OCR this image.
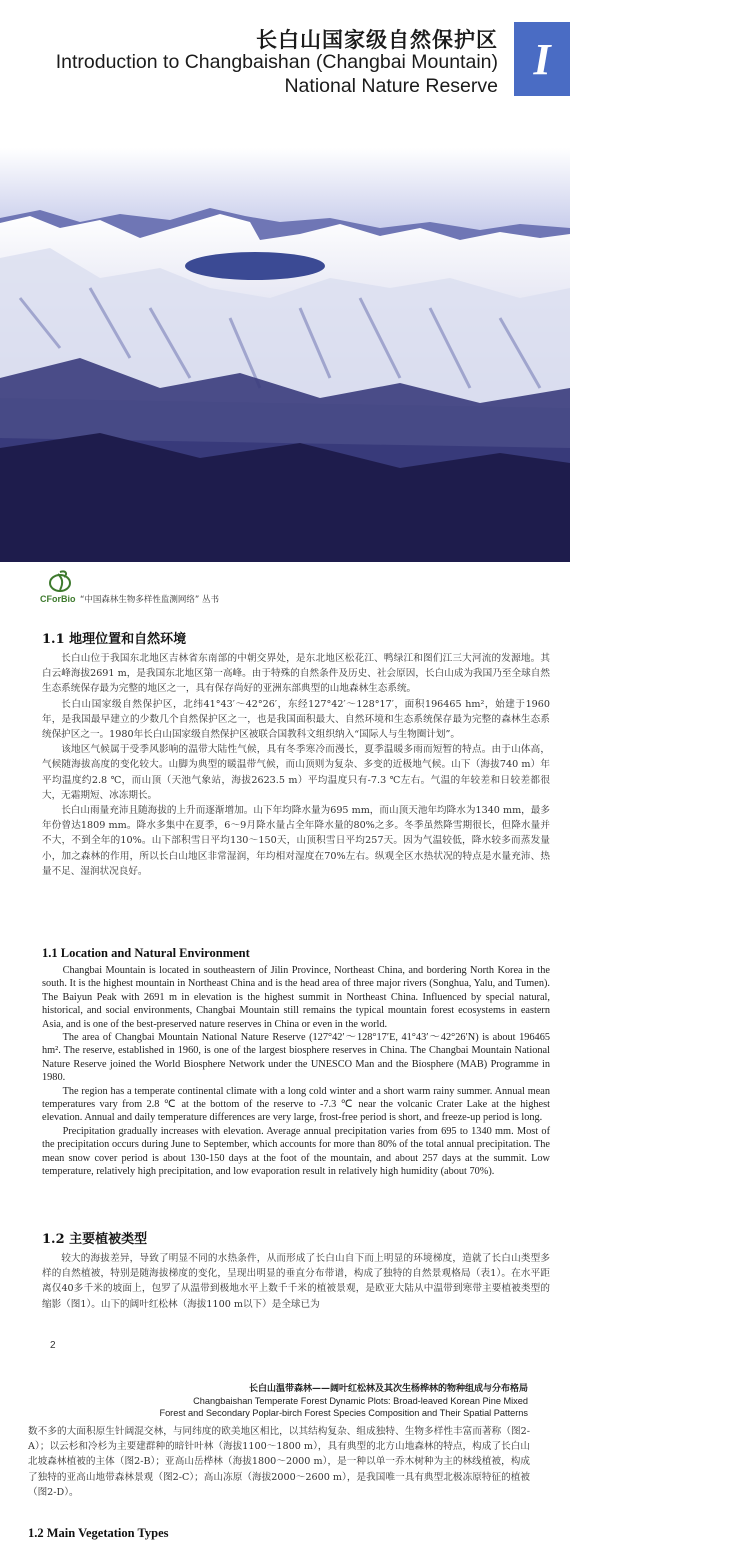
长白山国家级自然保护区
Introduction to Changbaishan (Changbai Mountain)
National Nature Reserve
I
CForBio “中国森林生物多样性监测网络” 丛书
1.1 地理位置和自然环境

长白山位于我国东北地区吉林省东南部的中朝交界处，是东北地区松花江、鸭绿江和图们江三大河流的发源地。其白云峰海拔2691 m，是我国东北地区第一高峰。由于特殊的自然条件及历史、社会原因，长白山成为我国乃至全球自然生态系统保存最为完整的地区之一，具有保存尚好的亚洲东部典型的山地森林生态系统。

长白山国家级自然保护区，北纬41°43′～42°26′，东经127°42′～128°17′，面积196465 hm²，始建于1960年，是我国最早建立的少数几个自然保护区之一，也是我国面积最大、自然环境和生态系统保存最为完整的森林生态系统保护区之一。1980年长白山国家级自然保护区被联合国教科文组织纳入“国际人与生物圈计划”。

该地区气候属于受季风影响的温带大陆性气候，具有冬季寒冷而漫长，夏季温暖多雨而短暂的特点。由于山体高，气候随海拔高度的变化较大。山脚为典型的暖温带气候，而山顶则为复杂、多变的近极地气候。山下（海拔740 m）年平均温度约2.8 ℃，而山顶（天池气象站，海拔2623.5 m）平均温度只有-7.3 ℃左右。气温的年较差和日较差都很大，无霜期短、冰冻期长。

长白山雨量充沛且随海拔的上升而逐渐增加。山下年均降水量为695 mm，而山顶天池年均降水为1340 mm，最多年份曾达1809 mm。降水多集中在夏季，6～9月降水量占全年降水量的80%之多。冬季虽然降雪期很长，但降水量并不大，不到全年的10%。山下部积雪日平均130～150天，山顶积雪日平均257天。因为气温较低，降水较多而蒸发量小，加之森林的作用，所以长白山地区非常湿润，年均相对湿度在70%左右。纵观全区水热状况的特点是水量充沛、热量不足、湿润状况良好。

1.1 Location and Natural Environment

Changbai Mountain is located in southeastern of Jilin Province, Northeast China, and bordering North Korea in the south. It is the highest mountain in Northeast China and is the head area of three major rivers (Songhua, Yalu, and Tumen). The Baiyun Peak with 2691 m in elevation is the highest summit in Northeast China. Influenced by special natural, historical, and social environments, Changbai Mountain still remains the typical mountain forest ecosystems in eastern Asia, and is one of the best-preserved nature reserves in China or even in the world.

The area of Changbai Mountain National Nature Reserve (127°42′～128°17′E, 41°43′～42°26′N) is about 196465 hm². The reserve, established in 1960, is one of the largest biosphere reserves in China. The Changbai Mountain National Nature Reserve joined the World Biosphere Network under the UNESCO Man and the Biosphere (MAB) Programme in 1980.

The region has a temperate continental climate with a long cold winter and a short warm rainy summer. Annual mean temperatures vary from 2.8 ℃ at the bottom of the reserve to -7.3 ℃ near the volcanic Crater Lake at the highest elevation. Annual and daily temperature differences are very large, frost-free period is short, and freeze-up period is long.

Precipitation gradually increases with elevation. Average annual precipitation varies from 695 to 1340 mm. Most of the precipitation occurs during June to September, which accounts for more than 80% of the total annual precipitation. The mean snow cover period is about 130-150 days at the foot of the mountain, and about 257 days at the summit. Low temperature, relatively high precipitation, and low evaporation result in relatively high humidity (about 70%).

1.2 主要植被类型

较大的海拔差异，导致了明显不同的水热条件，从而形成了长白山自下而上明显的环境梯度，造就了长白山类型多样的自然植被，特别是随海拔梯度的变化，呈现出明显的垂直分布带谱，构成了独特的自然景观格局（表1）。在水平距离仅40多千米的坡面上，包罗了从温带到极地水平上数千千米的植被景观，是欧亚大陆从中温带到寒带主要植被类型的缩影（图1）。山下的阔叶红松林（海拔1100 m以下）是全球已为

2
长白山温带森林——阔叶红松林及其次生杨桦林的物种组成与分布格局
Changbaishan Temperate Forest Dynamic Plots: Broad-leaved Korean Pine Mixed
Forest and Secondary Poplar-birch Forest Species Composition and Their Spatial Patterns

数不多的大面积原生针阔混交林，与同纬度的欧美地区相比，以其结构复杂、组成独特、生物多样性丰富而著称（图2-A）；以云杉和冷杉为主要建群种的暗针叶林（海拔1100～1800 m），具有典型的北方山地森林的特点，构成了长白山北坡森林植被的主体（图2-B）；亚高山岳桦林（海拔1800～2000 m），是一种以单一乔木树种为主的林线植被，构成了独特的亚高山地带森林景观（图2-C）；高山冻原（海拔2000～2600 m），是我国唯一具有典型北极冻原特征的植被（图2-D）。

1.2 Main Vegetation Types
